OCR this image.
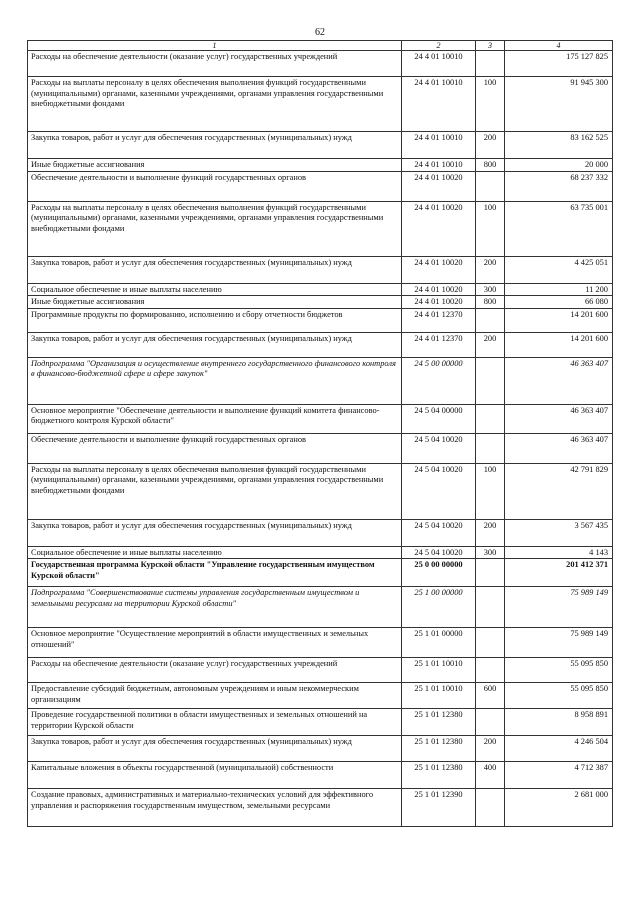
62
1	2	3	4
Расходы на обеспечение деятельности (оказание услуг) государственных учреждений	24 4 01 10010		175 127 825
Расходы на выплаты персоналу в целях обеспечения выполнения функций государственными (муниципальными) органами, казенными учреждениями, органами управления государственными внебюджетными фондами	24 4 01 10010	100	91 945 300
Закупка товаров, работ и услуг для обеспечения государственных (муниципальных) нужд	24 4 01 10010	200	83 162 525
Иные бюджетные ассигнования	24 4 01 10010	800	20 000
Обеспечение деятельности и выполнение функций государственных органов	24 4 01 10020		68 237 332
Расходы на выплаты персоналу в целях обеспечения выполнения функций государственными (муниципальными) органами, казенными учреждениями, органами управления государственными внебюджетными фондами	24 4 01 10020	100	63 735 001
Закупка товаров, работ и услуг для обеспечения государственных (муниципальных) нужд	24 4 01 10020	200	4 425 051
Социальное обеспечение и иные выплаты населению	24 4 01 10020	300	11 200
Иные бюджетные ассигнования	24 4 01 10020	800	66 080
Программные продукты по формированию, исполнению и сбору отчетности бюджетов	24 4 01 12370		14 201 600
Закупка товаров, работ и услуг для обеспечения государственных (муниципальных) нужд	24 4 01 12370	200	14 201 600
Подпрограмма "Организация и осуществление внутреннего государственного финансового контроля в финансово-бюджетной сфере и сфере закупок"	24 5 00 00000		46 363 407
Основное мероприятие "Обеспечение деятельности и выполнение функций комитета финансово-бюджетного контроля Курской области"	24 5 04 00000		46 363 407
Обеспечение деятельности и выполнение функций государственных органов	24 5 04 10020		46 363 407
Расходы на выплаты персоналу в целях обеспечения выполнения функций государственными (муниципальными) органами, казенными учреждениями, органами управления государственными внебюджетными фондами	24 5 04 10020	100	42 791 829
Закупка товаров, работ и услуг для обеспечения государственных (муниципальных) нужд	24 5 04 10020	200	3 567 435
Социальное обеспечение и иные выплаты населению	24 5 04 10020	300	4 143
Государственная программа Курской области "Управление государственным имуществом Курской области"	25 0 00 00000		201 412 371
Подпрограмма "Совершенствование системы управления государственным имуществом и земельными ресурсами на территории Курской области"	25 1 00 00000		75 989 149
Основное мероприятие "Осуществление мероприятий в области имущественных и земельных отношений"	25 1 01 00000		75 989 149
Расходы на обеспечение деятельности (оказание услуг) государственных учреждений	25 1 01 10010		55 095 850
Предоставление субсидий бюджетным, автономным учреждениям и иным некоммерческим организациям	25 1 01 10010	600	55 095 850
Проведение государственной политики в области имущественных и земельных отношений на территории Курской области	25 1 01 12380		8 958 891
Закупка товаров, работ и услуг для обеспечения государственных (муниципальных) нужд	25 1 01 12380	200	4 246 504
Капитальные вложения в объекты государственной (муниципальной) собственности	25 1 01 12380	400	4 712 387
Создание правовых, административных и материально-технических условий для эффективного управления и распоряжения государственным имуществом, земельными ресурсами	25 1 01 12390		2 681 000
